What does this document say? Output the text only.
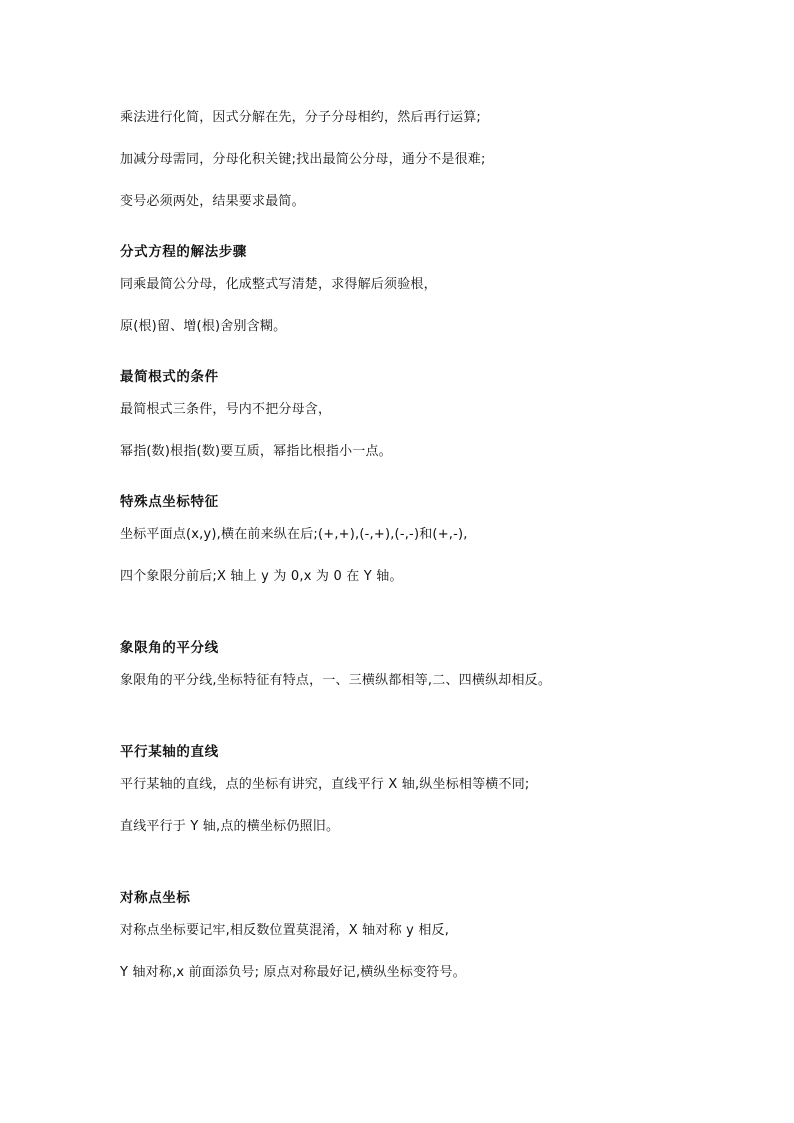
乘法进行化简，因式分解在先，分子分母相约，然后再行运算;
加减分母需同，分母化积关键;找出最简公分母，通分不是很难;
变号必须两处，结果要求最简。
分式方程的解法步骤
同乘最简公分母，化成整式写清楚，求得解后须验根，
原(根)留、增(根)舍别含糊。
最简根式的条件
最简根式三条件，号内不把分母含，
幂指(数)根指(数)要互质，幂指比根指小一点。
特殊点坐标特征
坐标平面点(x,y),横在前来纵在后;(+,+),(-,+),(-,-)和(+,-),
四个象限分前后;X 轴上 y 为 0,x 为 0 在 Y 轴。
象限角的平分线
象限角的平分线,坐标特征有特点，一、三横纵都相等,二、四横纵却相反。
平行某轴的直线
平行某轴的直线，点的坐标有讲究，直线平行 X 轴,纵坐标相等横不同;
直线平行于 Y 轴,点的横坐标仍照旧。
对称点坐标
对称点坐标要记牢,相反数位置莫混淆，X 轴对称 y 相反,
Y 轴对称,x 前面添负号; 原点对称最好记,横纵坐标变符号。
